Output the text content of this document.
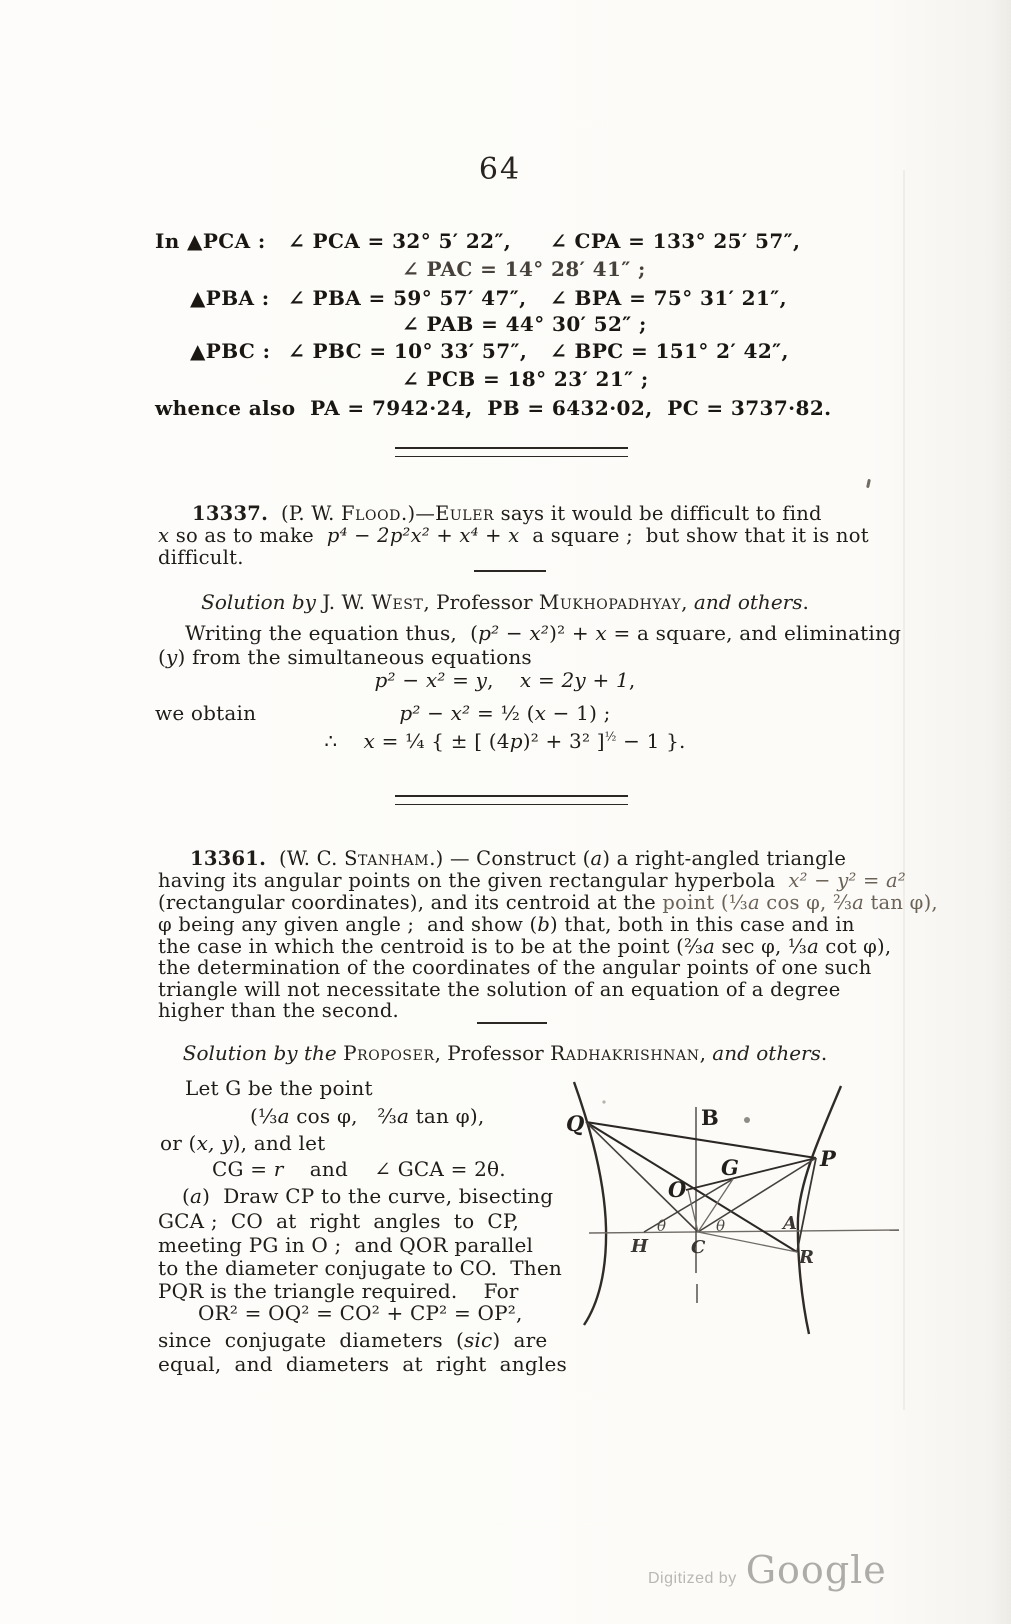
64
In ▲PCA : ∠ PCA = 32° 5′ 22″, ∠ CPA = 133° 25′ 57″,
∠ PAC = 14° 28′ 41″ ;
▲PBA : ∠ PBA = 59° 57′ 47″, ∠ BPA = 75° 31′ 21″,
∠ PAB = 44° 30′ 52″ ;
▲PBC : ∠ PBC = 10° 33′ 57″, ∠ BPC = 151° 2′ 42″,
∠ PCB = 18° 23′ 21″ ;
whence also  PA = 7942·24,  PB = 6432·02,  PC = 3737·82.
13337.  (P. W. Flood.)—Euler says it would be difficult to find
x so as to make  p⁴ − 2p²x² + x⁴ + x  a square ;  but show that it is not
difficult.
Solution by J. W. West, Professor Mukhopadhyay, and others.
Writing the equation thus,  (p² − x²)² + x = a square, and eliminating
(y) from the simultaneous equations
p² − x² = y,    x = 2y + 1,
we obtain	p² − x² = ½ (x − 1) ;
∴    x = ¼ { ± [ (4p)² + 3² ]$^{\frac{1}{2}}$ − 1 }.
13361.  (W. C. Stanham.) — Construct (a) a right-angled triangle
having its angular points on the given rectangular hyperbola  x² − y² = a²
(rectangular coordinates), and its centroid at the point (⅓a cos φ, ⅔a tan φ),
φ being any given angle ;  and show (b) that, both in this case and in
the case in which the centroid is to be at the point (⅔a sec φ, ⅓a cot φ),
the determination of the coordinates of the angular points of one such
triangle will not necessitate the solution of an equation of a degree
higher than the second.
Solution by the Proposer, Professor Radhakrishnan, and others.
Let G be the point
(⅓a cos φ,   ⅔a tan φ),
or (x, y), and let
CG = r    and    ∠ GCA = 2θ.
(a)  Draw CP to the curve, bisecting
GCA ;  CO  at  right  angles  to  CP,
meeting PG in O ;  and QOR parallel
to the diameter conjugate to CO.  Then
PQR is the triangle required.    For
OR² = OQ² = CO² + CP² = OP²,
since  conjugate  diameters  (sic)  are
equal,  and  diameters  at  right  angles
Q	B
P
G
O
A
H C	R
θ	θ
Digitized by Google
